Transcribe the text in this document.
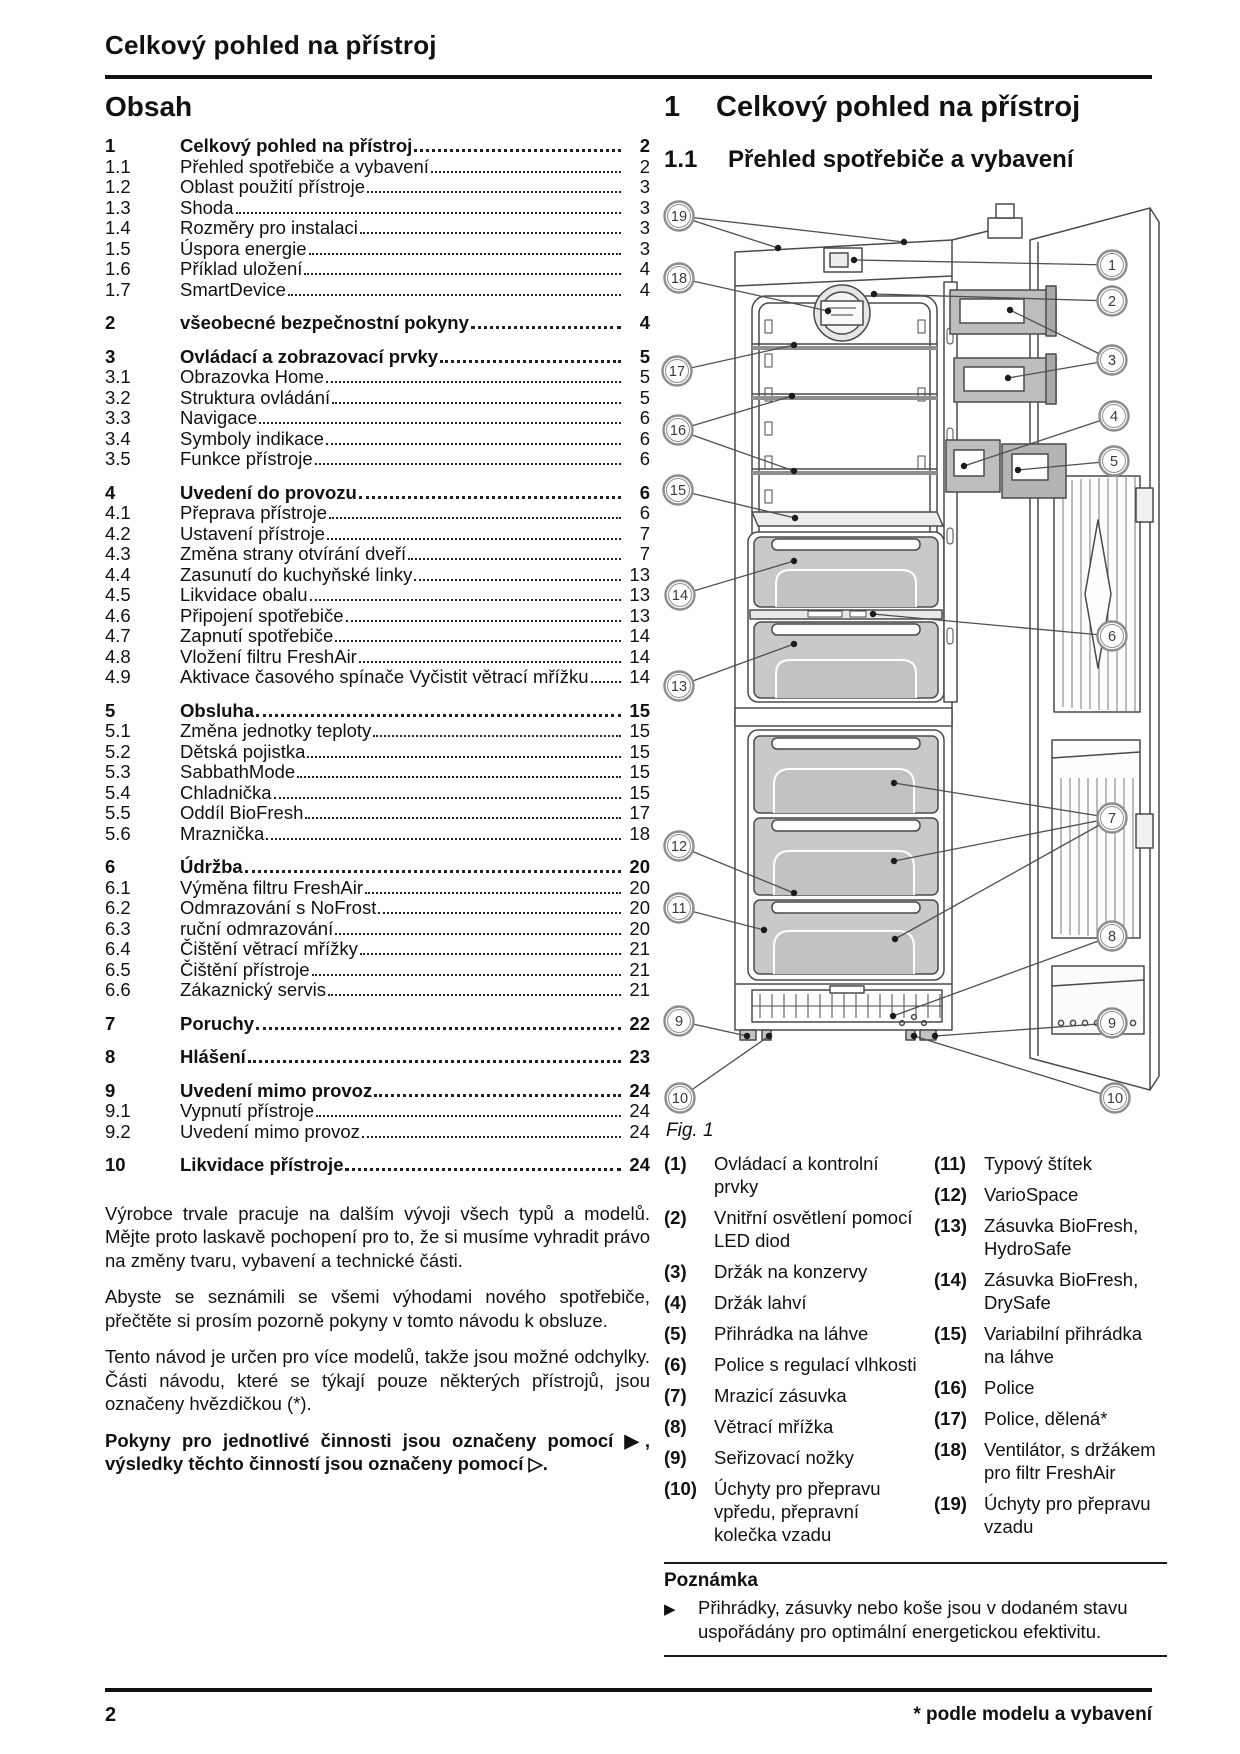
Celkový pohled na přístroj
Obsah
1	Celkový pohled na přístroj	2
1.1	Přehled spotřebiče a vybavení	2
1.2	Oblast použití přístroje	3
1.3	Shoda	3
1.4	Rozměry pro instalaci	3
1.5	Úspora energie	3
1.6	Příklad uložení	4
1.7	SmartDevice	4
2	všeobecné bezpečnostní pokyny	4
3	Ovládací a zobrazovací prvky	5
3.1	Obrazovka Home	5
3.2	Struktura ovládání	5
3.3	Navigace	6
3.4	Symboly indikace	6
3.5	Funkce přístroje	6
4	Uvedení do provozu	6
4.1	Přeprava přístroje	6
4.2	Ustavení přístroje	7
4.3	Změna strany otvírání dveří	7
4.4	Zasunutí do kuchyňské linky	13
4.5	Likvidace obalu	13
4.6	Připojení spotřebiče	13
4.7	Zapnutí spotřebiče	14
4.8	Vložení filtru FreshAir	14
4.9	Aktivace časového spínače Vyčistit větrací mřížku 14
5	Obsluha	15
5.1	Změna jednotky teploty	15
5.2	Dětská pojistka	15
5.3	SabbathMode	15
5.4	Chladnička	15
5.5	Oddíl BioFresh	17
5.6	Mraznička	18
6	Údržba	20
6.1	Výměna filtru FreshAir	20
6.2	Odmrazování s NoFrost	20
6.3	ruční odmrazování	20
6.4	Čištění větrací mřížky	21
6.5	Čištění přístroje	21
6.6	Zákaznický servis	21
7	Poruchy	22
8	Hlášení	23
9	Uvedení mimo provoz	24
9.1	Vypnutí přístroje	24
9.2	Uvedení mimo provoz	24
10	Likvidace přístroje	24

Výrobce trvale pracuje na dalším vývoji všech typů a modelů. Mějte proto laskavě pochopení pro to, že si musíme vyhradit právo na změny tvaru, vybavení a technické části.

Abyste se seznámili se všemi výhodami nového spotřebiče, přečtěte si prosím pozorně pokyny v tomto návodu k obsluze.

Tento návod je určen pro více modelů, takže jsou možné odchylky. Části návodu, které se týkají pouze některých přístrojů, jsou označeny hvězdičkou (*).

Pokyny pro jednotlivé činnosti jsou označeny pomocí ▶, výsledky těchto činností jsou označeny pomocí ▷.

1	Celkový pohled na přístroj
1.1	Přehled spotřebiče a vybavení
19
18
17
16
15
14
13
12
11
9
10
1
2
3
4
5
6
7
8
9
10
Fig. 1
(1)	Ovládací a kontrolní prvky
(2)	Vnitřní osvětlení pomocí LED diod
(3)	Držák na konzervy
(4)	Držák lahví
(5)	Přihrádka na láhve
(6)	Police s regulací vlhkosti
(7)	Mrazicí zásuvka
(8)	Větrací mřížka
(9)	Seřizovací nožky
(10) Úchyty pro přepravu vpředu, přepravní kolečka vzadu
(11) Typový štítek
(12) VarioSpace
(13) Zásuvka BioFresh, HydroSafe
(14) Zásuvka BioFresh, DrySafe
(15) Variabilní přihrádka na láhve
(16) Police
(17) Police, dělená*
(18) Ventilátor, s držákem pro filtr FreshAir
(19) Úchyty pro přepravu vzadu
Poznámka
▶	Přihrádky, zásuvky nebo koše jsou v dodaném stavu uspořádány pro optimální energetickou efektivitu.
2	* podle modelu a vybavení
